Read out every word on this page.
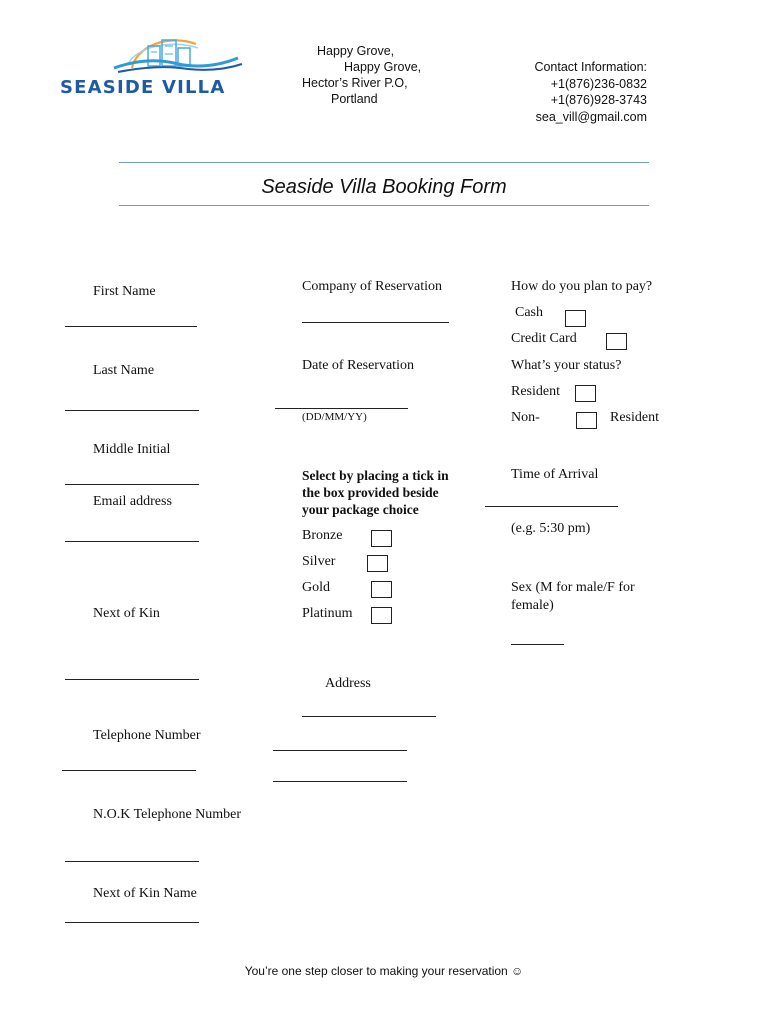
SEASIDE VILLA
Happy Grove,
Happy Grove,
Hector’s River P.O,
Portland
Contact Information:
+1(876)236-0832
+1(876)928-3743
sea_vill@gmail.com
Seaside Villa Booking Form
First Name
Last Name
Middle Initial
Email address
Next of Kin
Telephone Number
N.O.K Telephone Number
Next of Kin Name
Company of Reservation
Date of Reservation
(DD/MM/YY)
Select by placing a tick in
the box provided beside
your package choice
Bronze
Silver
Gold
Platinum
Address
How do you plan to pay?
Cash
Credit Card
What’s your status?
Resident
Non-	Resident
Time of Arrival
(e.g. 5:30 pm)
Sex (M for male/F for
female)
You’re one step closer to making your reservation ☺
